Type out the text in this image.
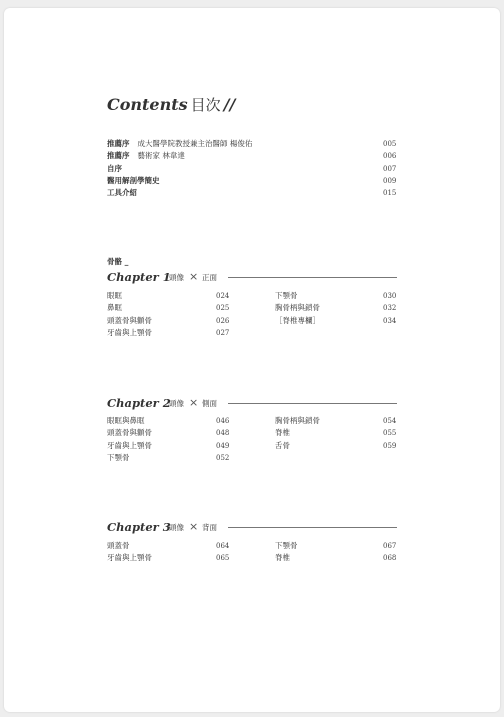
Contents 目次 //
推薦序 成大醫學院教授兼主治醫師 楊俊佑	005
推薦序 藝術家 林韋達	006
自序	007
醫用解剖學簡史	009
工具介紹	015
骨骼 _
Chapter 1
頭像 × 正面
眼眶	024
鼻眶	025
頭蓋骨與顴骨	026
牙齒與上顎骨	027
下顎骨	030
胸骨柄與鎖骨	032
［脊椎專欄］	034
Chapter 2
頭像 × 側面
眼眶與鼻眶	046
頭蓋骨與顴骨	048
牙齒與上顎骨	049
下顎骨	052
胸骨柄與鎖骨	054
脊椎	055
舌骨	059
Chapter 3
頭像 × 背面
頭蓋骨	064
牙齒與上顎骨	065
下顎骨	067
脊椎	068
